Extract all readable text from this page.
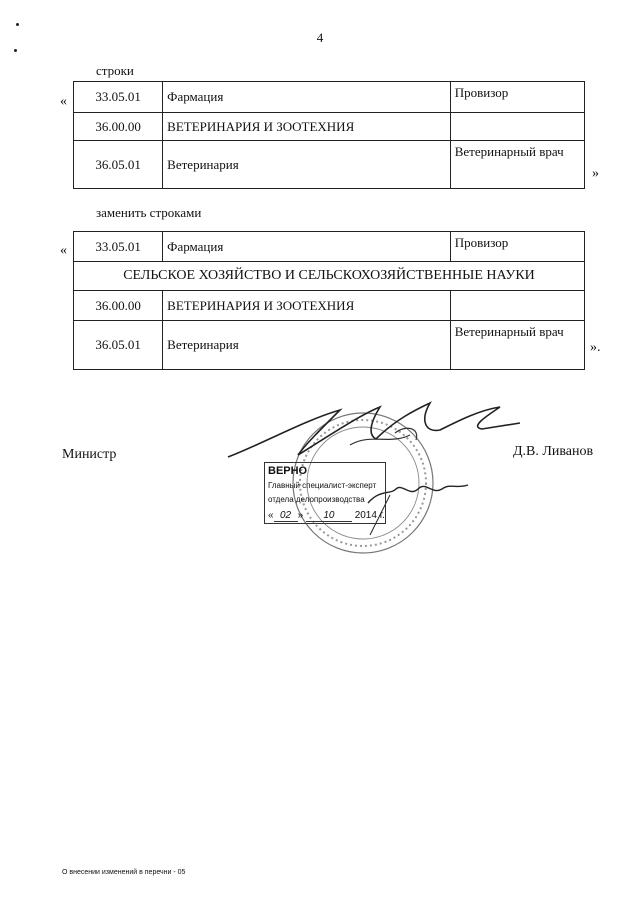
4
строки
« 33.05.01	Фармация	Провизор
36.00.00	ВЕТЕРИНАРИЯ И ЗООТЕХНИЯ	
36.05.01	Ветеринария	Ветеринарный врач
»
заменить строками
« 33.05.01	Фармация	Провизор
СЕЛЬСКОЕ ХОЗЯЙСТВО И СЕЛЬСКОХОЗЯЙСТВЕННЫЕ НАУКИ		
36.00.00	ВЕТЕРИНАРИЯ И ЗООТЕХНИЯ	
36.05.01	Ветеринария	Ветеринарный врач
».
Министр	Д.В. Ливанов
ВЕРНО
Главный специалист-эксперт
отдела делопроизводства
« 02 » 10 2014 г.
О внесении изменений в перечни - 05
